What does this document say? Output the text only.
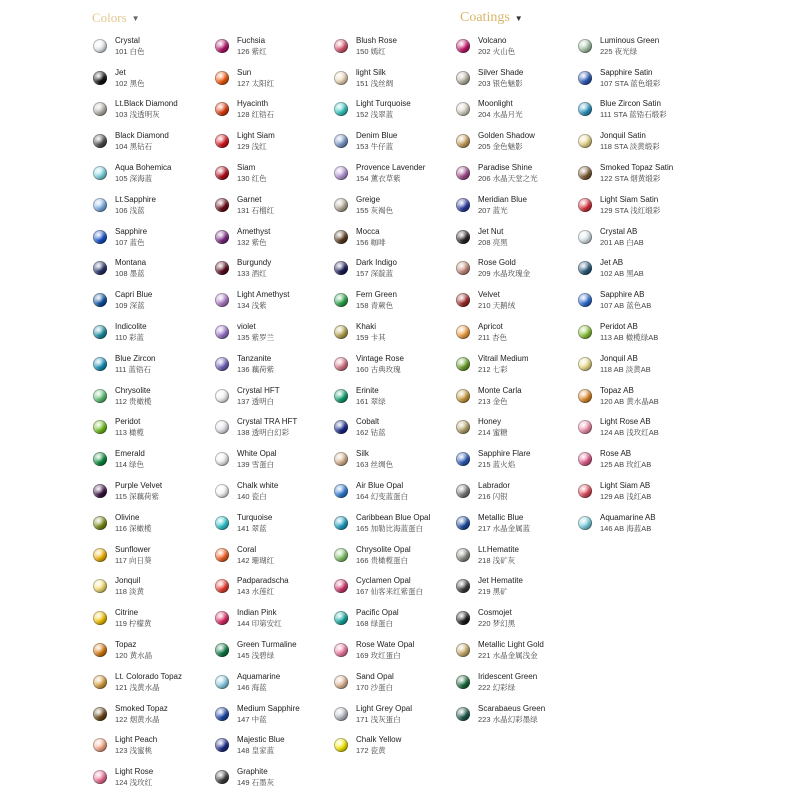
Colors ▼	Coatings ▼
Crystal
101 白色
Jet
102 黑色
Lt.Black Diamond
103 浅透明灰
Black Diamond
104 黑钻石
Aqua Bohemica
105 深海蓝
Lt.Sapphire
106 浅蓝
Sapphire
107 蓝色
Montana
108 墨蓝
Capri Blue
109 深蓝
Indicolite
110 彩蓝
Blue Zircon
111 蓝锆石
Chrysolite
112 贵橄榄
Peridot
113 橄榄
Emerald
114 绿色
Purple Velvet
115 深藕荷紫
Olivine
116 深橄榄
Sunflower
117 向日葵
Jonquil
118 淡黄
Citrine
119 柠檬黄
Topaz
120 黄水晶
Lt. Colorado Topaz
121 浅黄水晶
Smoked Topaz
122 烟黄水晶
Light Peach
123 浅蜜桃
Light Rose
124 浅玫红
Fuchsia
126 紫红
Sun
127 太阳红
Hyacinth
128 红锆石
Light Siam
129 浅红
Siam
130 红色
Garnet
131 石榴红
Amethyst
132 紫色
Burgundy
133 酒红
Light Amethyst
134 浅紫
violet
135 紫罗兰
Tanzanite
136 藕荷紫
Crystal HFT
137 透明白
Crystal TRA HFT
138 透明白幻彩
White Opal
139 雪蛋白
Chalk white
140 瓷白
Turquoise
141 翠蓝
Coral
142 珊瑚红
Padparadscha
143 水莲红
Indian Pink
144 印第安红
Green Turmaline
145 浅碧绿
Aquamarine
146 海蓝
Medium Sapphire
147 中蓝
Majestic Blue
148 皇家蓝
Graphite
149 石墨灰
Blush Rose
150 嫣红
light Silk
151 浅丝绸
Light Turquoise
152 浅翠蓝
Denim Blue
153 牛仔蓝
Provence Lavender
154 薰衣草紫
Greige
155 灰褐色
Mocca
156 咖啡
Dark Indigo
157 深靛蓝
Fern Green
158 青蕨色
Khaki
159 卡其
Vintage Rose
160 古典玫瑰
Erinite
161 翠绿
Cobalt
162 钴蓝
Silk
163 丝绸色
Air Blue Opal
164 幻变蓝蛋白
Caribbean Blue Opal
165 加勒比海蓝蛋白
Chrysolite Opal
166 贵橄榄蛋白
Cyclamen Opal
167 仙客来红紫蛋白
Pacific Opal
168 绿蛋白
Rose Wate Opal
169 玫红蛋白
Sand Opal
170 沙蛋白
Light Grey Opal
171 浅灰蛋白
Chalk Yellow
172 瓷黄
Volcano
202 火山色
Silver Shade
203 银色魅影
Moonlight
204 水晶月光
Golden Shadow
205 金色魅影
Paradise Shine
206 水晶天堂之光
Meridian Blue
207 蓝光
Jet Nut
208 亮黑
Rose Gold
209 水晶玫瑰金
Velvet
210 天鹅绒
Apricot
211 杏色
Vitrail Medium
212 七彩
Monte Carla
213 金色
Honey
214 蜜糖
Sapphire Flare
215 蓝火焰
Labrador
216 闪银
Metallic Blue
217 水晶金属蓝
Lt.Hematite
218 浅矿灰
Jet Hematite
219 黑矿
Cosmojet
220 梦幻黑
Metallic Light Gold
221 水晶金属浅金
Iridescent Green
222 幻彩绿
Scarabaeus Green
223 水晶幻彩墨绿
Luminous Green
225 夜光绿
Sapphire Satin
107 STA 蓝色缎彩
Blue Zircon Satin
111 STA 蓝锆石缎彩
Jonquil Satin
118 STA 淡黄缎彩
Smoked Topaz Satin
122 STA 烟黄缎彩
Light Siam Satin
129 STA 浅红缎彩
Crystal AB
201 AB 白AB
Jet AB
102 AB 黑AB
Sapphire AB
107 AB 蓝色AB
Peridot AB
113 AB 橄榄绿AB
Jonquil AB
118 AB 淡黄AB
Topaz AB
120 AB 黄水晶AB
Light Rose AB
124 AB 浅玫红AB
Rose AB
125 AB 玫红AB
Light Siam AB
129 AB 浅红AB
Aquamarine AB
146 AB 海蓝AB
